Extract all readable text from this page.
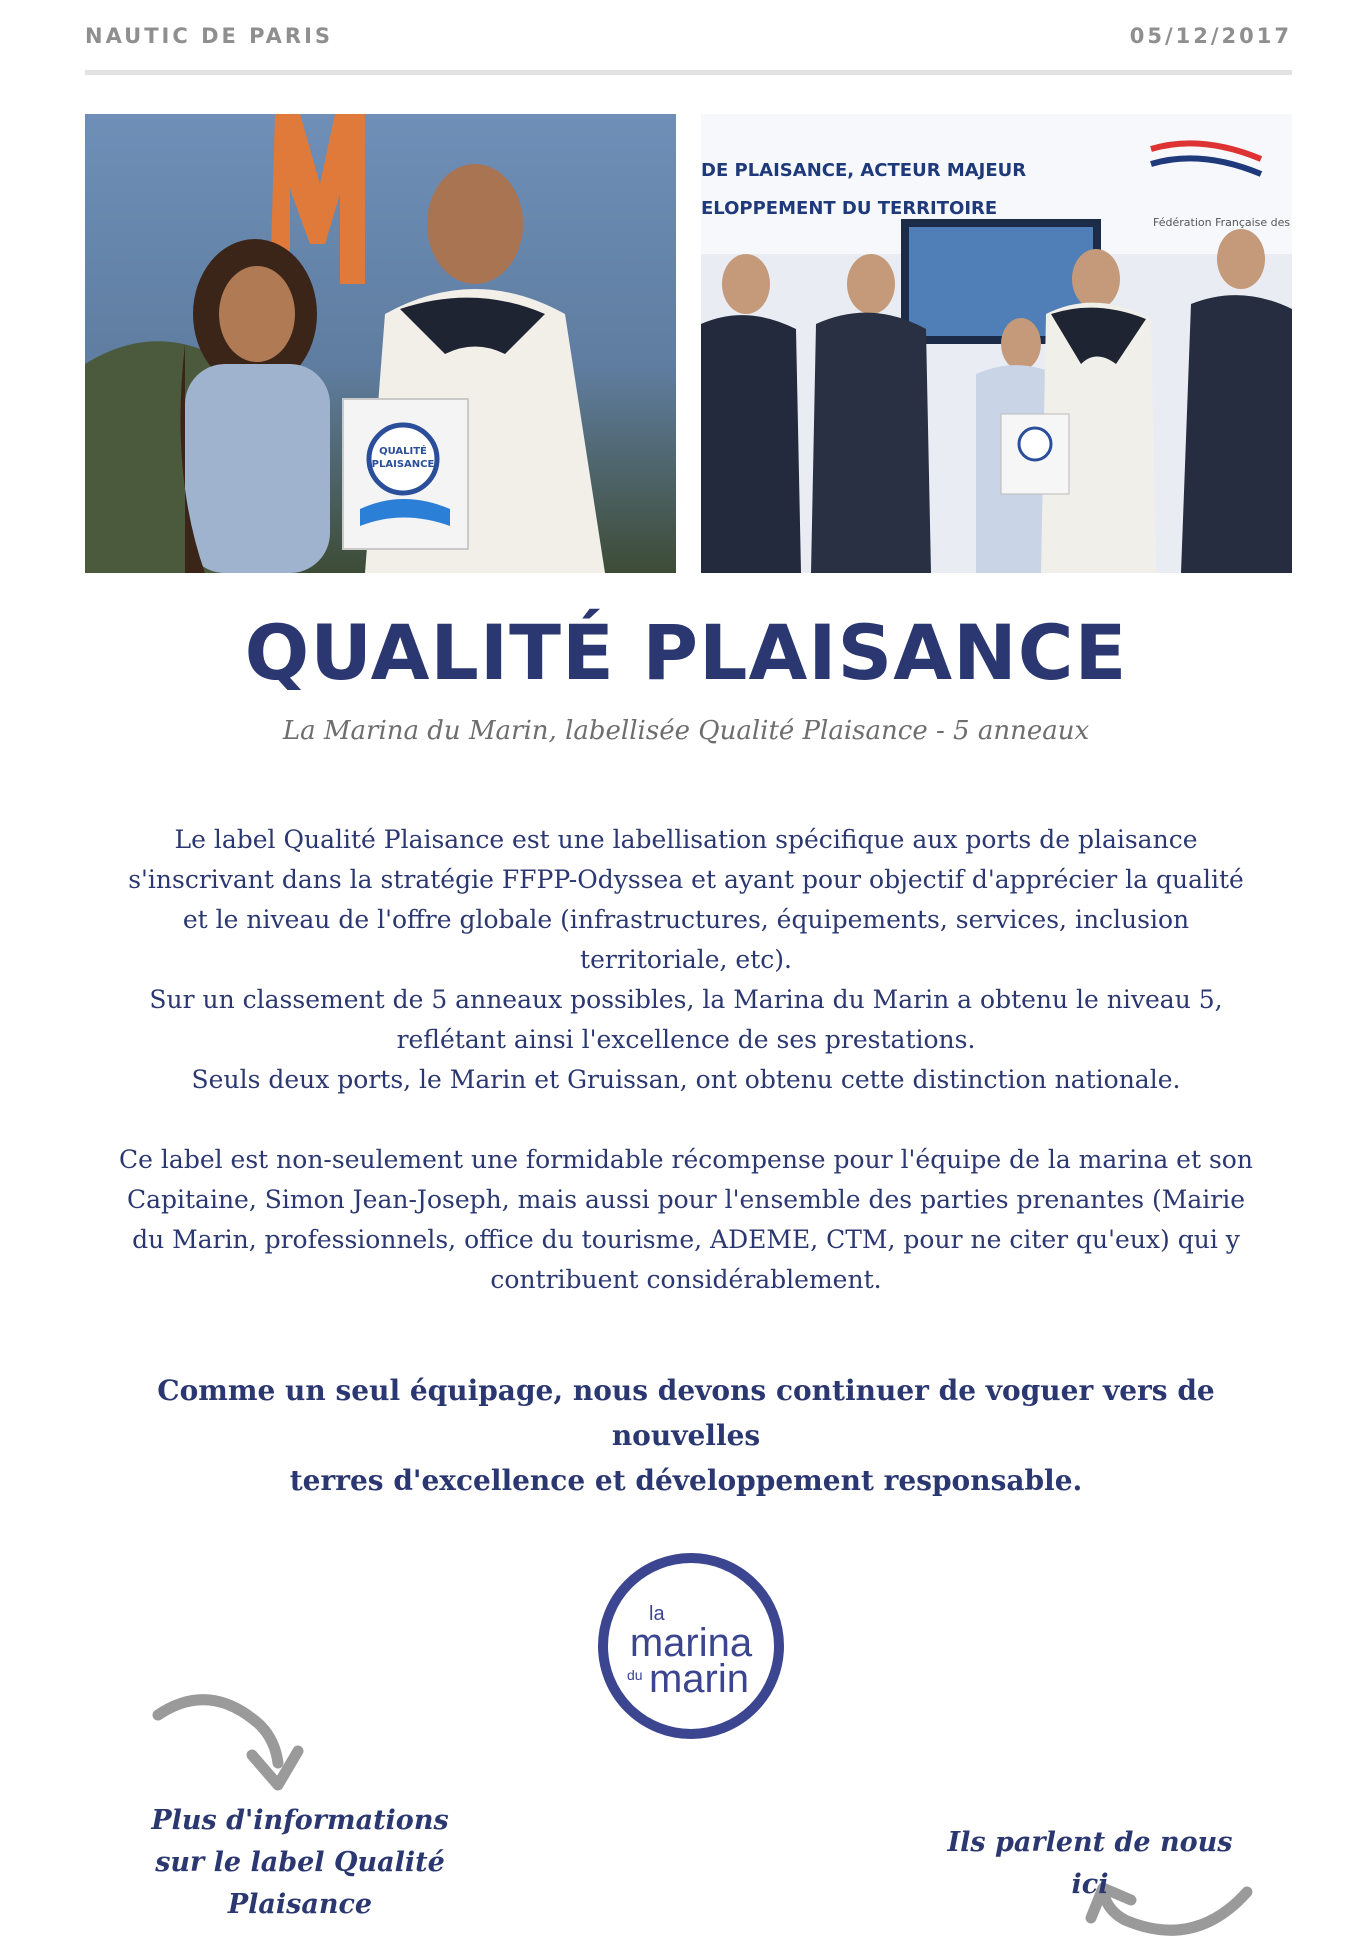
NAUTIC DE PARIS	05/12/2017
QUALITÉ
PLAISANCE
DE PLAISANCE, ACTEUR MAJEUR
ELOPPEMENT DU TERRITOIRE
Fédération Française des
QUALITÉ PLAISANCE
La Marina du Marin, labellisée Qualité Plaisance - 5 anneaux
Le label Qualité Plaisance est une labellisation spécifique aux ports de plaisance
s'inscrivant dans la stratégie FFPP-Odyssea et ayant pour objectif d'apprécier la qualité
et le niveau de l'offre globale (infrastructures, équipements, services, inclusion
territoriale, etc).
Sur un classement de 5 anneaux possibles, la Marina du Marin a obtenu le niveau 5,
reflétant ainsi l'excellence de ses prestations.
Seuls deux ports, le Marin et Gruissan, ont obtenu cette distinction nationale.
Ce label est non-seulement une formidable récompense pour l'équipe de la marina et son
Capitaine, Simon Jean-Joseph, mais aussi pour l'ensemble des parties prenantes (Mairie
du Marin, professionnels, office du tourisme, ADEME, CTM, pour ne citer qu'eux) qui y
contribuent considérablement.
Comme un seul équipage, nous devons continuer de voguer vers de nouvelles
terres d'excellence et développement responsable.
la
marina
du marin
Plus d'informations
sur le label Qualité Plaisance
Ils parlent de nous ici
